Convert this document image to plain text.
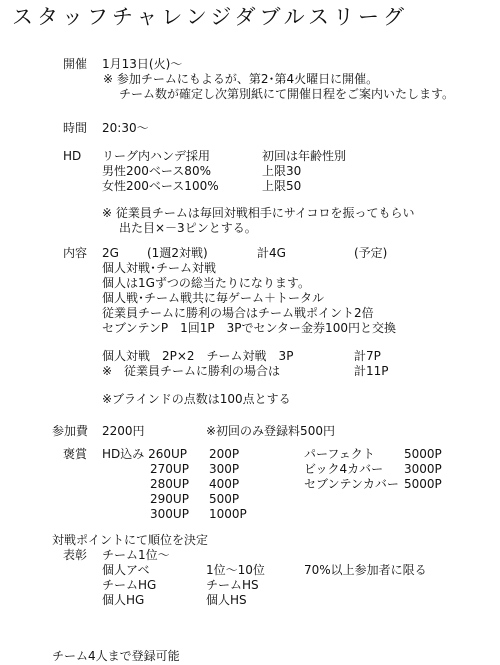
スタッフチャレンジダブルスリーグ
開催 1月13日(火)～
※ 参加チームにもよるが、第2･第4火曜日に開催。
チーム数が確定し次第別紙にて開催日程をご案内いたします。
時間 20:30～
HD リーグ内ハンデ採用	初回は年齢性別
男性200ベース80%	上限30
女性200ベース100%	上限50
※ 従業員チームは毎回対戦相手にサイコロを振ってもらい
出た目×－3ピンとする。
内容 2G (1週2対戦)	計4G	(予定)
個人対戦･チーム対戦
個人は1Gずつの総当たりになります。
個人戦･チーム戦共に毎ゲーム＋トータル
従業員チームに勝利の場合はチーム戦ポイント2倍
セブンテンP　1回1P　3Pでセンター金券100円と交換
個人対戦　2P×2　チーム対戦　3P	計7P
※　従業員チームに勝利の場合は	計11P
※ブラインドの点数は100点とする
参加費 2200円	※初回のみ登録料500円
褒賞 HD込み 260UP 200P
270UP 300P
280UP 400P
290UP 500P
300UP 1000P
パーフェクト 5000P
ビック4カバー 3000P
セブンテンカバー 5000P
対戦ポイントにて順位を決定
表彰 チーム1位～
個人アベ	1位～10位	70%以上参加者に限る
チームHG	チームHS
個人HG	個人HS
チーム4人まで登録可能
